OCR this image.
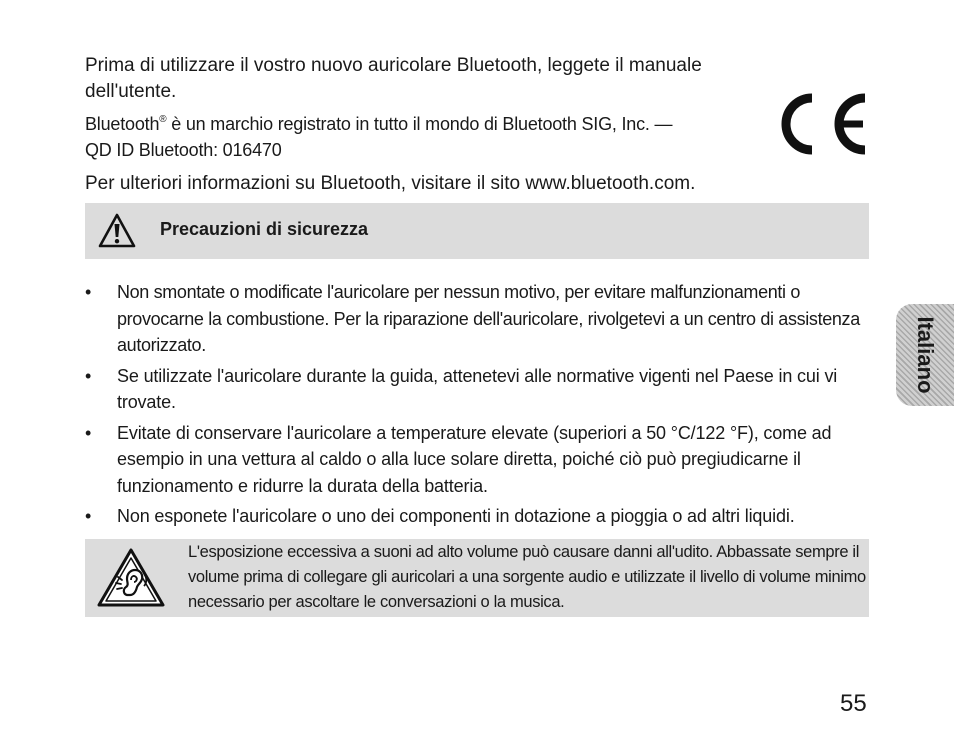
Prima di utilizzare il vostro nuovo auricolare Bluetooth, leggete il manuale dell'utente.

Bluetooth® è un marchio registrato in tutto il mondo di Bluetooth SIG, Inc. —
QD ID Bluetooth: 016470

Per ulteriori informazioni su Bluetooth, visitare il sito www.bluetooth.com.

Precauzioni di sicurezza
• Non smontate o modificate l'auricolare per nessun motivo, per evitare malfunzionamenti o provocarne la combustione. Per la riparazione dell'auricolare, rivolgetevi a un centro di assistenza autorizzato.
• Se utilizzate l'auricolare durante la guida, attenetevi alle normative vigenti nel Paese in cui vi trovate.
• Evitate di conservare l'auricolare a temperature elevate (superiori a 50 °C/122 °F), come ad esempio in una vettura al caldo o alla luce solare diretta, poiché ciò può pregiudicarne il funzionamento e ridurre la durata della batteria.
• Non esponete l'auricolare o uno dei componenti in dotazione a pioggia o ad altri liquidi.
L'esposizione eccessiva a suoni ad alto volume può causare danni all'udito. Abbassate sempre il volume prima di collegare gli auricolari a una sorgente audio e utilizzate il livello di volume minimo necessario per ascoltare le conversazioni o la musica.
Italiano
55
